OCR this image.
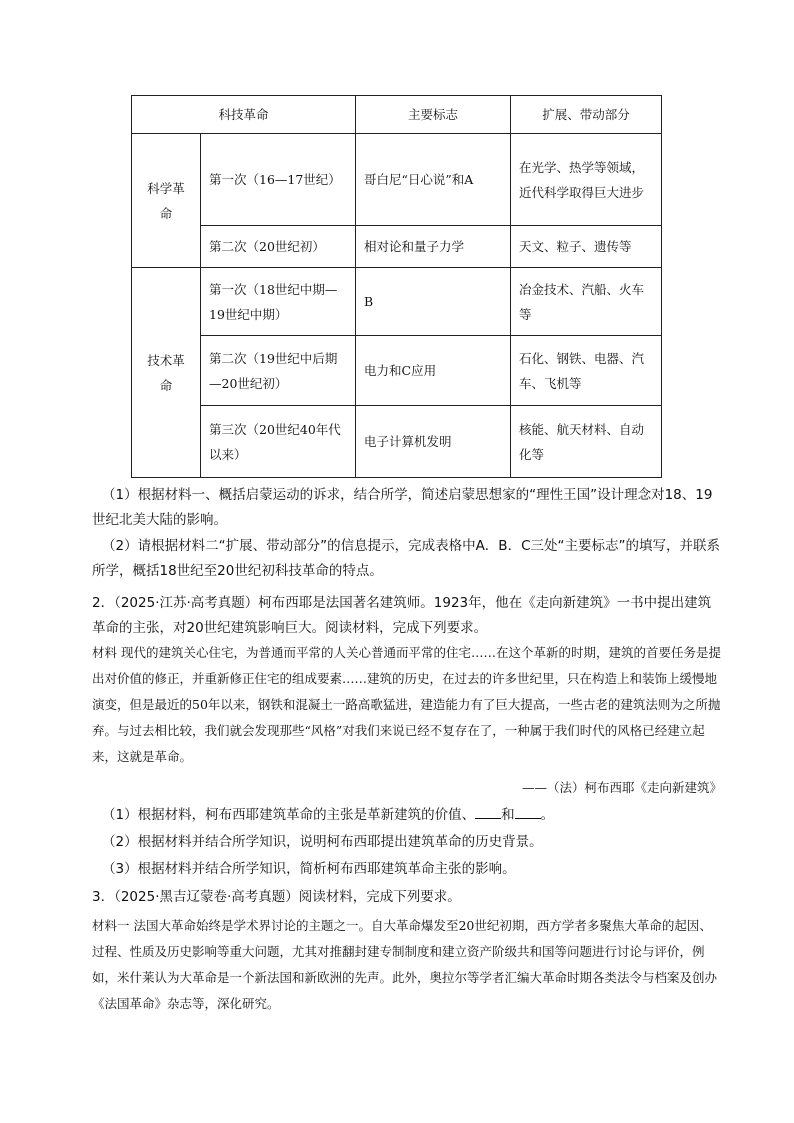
科技革命		主要标志	扩展、带动部分

科学革命	第一次（16—17世纪）	哥白尼“日心说”和A	在光学、热学等领域，近代科学取得巨大进步
	第二次（20世纪初）	相对论和量子力学	天文、粒子、遗传等

技术革命	第一次（18世纪中期—19世纪中期）	B	冶金技术、汽船、火车等
	第二次（19世纪中后期—20世纪初）	电力和C应用	石化、钢铁、电器、汽车、飞机等
	第三次（20世纪40年代以来）	电子计算机发明	核能、航天材料、自动化等
（1）根据材料一、概括启蒙运动的诉求，结合所学，简述启蒙思想家的“理性王国”设计理念对18、19世纪北美大陆的影响。
（2）请根据材料二“扩展、带动部分”的信息提示，完成表格中A．B．C三处“主要标志”的填写，并联系所学，概括18世纪至20世纪初科技革命的特点。
2．（2025·江苏·高考真题）柯布西耶是法国著名建筑师。1923年，他在《走向新建筑》一书中提出建筑革命的主张，对20世纪建筑影响巨大。阅读材料，完成下列要求。
材料 现代的建筑关心住宅，为普通而平常的人关心普通而平常的住宅……在这个革新的时期，建筑的首要任务是提出对价值的修正，并重新修正住宅的组成要素……建筑的历史，在过去的许多世纪里，只在构造上和装饰上缓慢地演变，但是最近的50年以来，钢铁和混凝土一路高歌猛进，建造能力有了巨大提高，一些古老的建筑法则为之所抛弃。与过去相比较，我们就会发现那些“风格”对我们来说已经不复存在了，一种属于我们时代的风格已经建立起来，这就是革命。
——（法）柯布西耶《走向新建筑》
（1）根据材料，柯布西耶建筑革命的主张是革新建筑的价值、 和 。
（2）根据材料并结合所学知识，说明柯布西耶提出建筑革命的历史背景。
（3）根据材料并结合所学知识，简析柯布西耶建筑革命主张的影响。
3．（2025·黑吉辽蒙卷·高考真题）阅读材料，完成下列要求。
材料一 法国大革命始终是学术界讨论的主题之一。自大革命爆发至20世纪初期，西方学者多聚焦大革命的起因、过程、性质及历史影响等重大问题，尤其对推翻封建专制制度和建立资产阶级共和国等问题进行讨论与评价，例如，米什莱认为大革命是一个新法国和新欧洲的先声。此外，奥拉尔等学者汇编大革命时期各类法令与档案及创办《法国革命》杂志等，深化研究。
